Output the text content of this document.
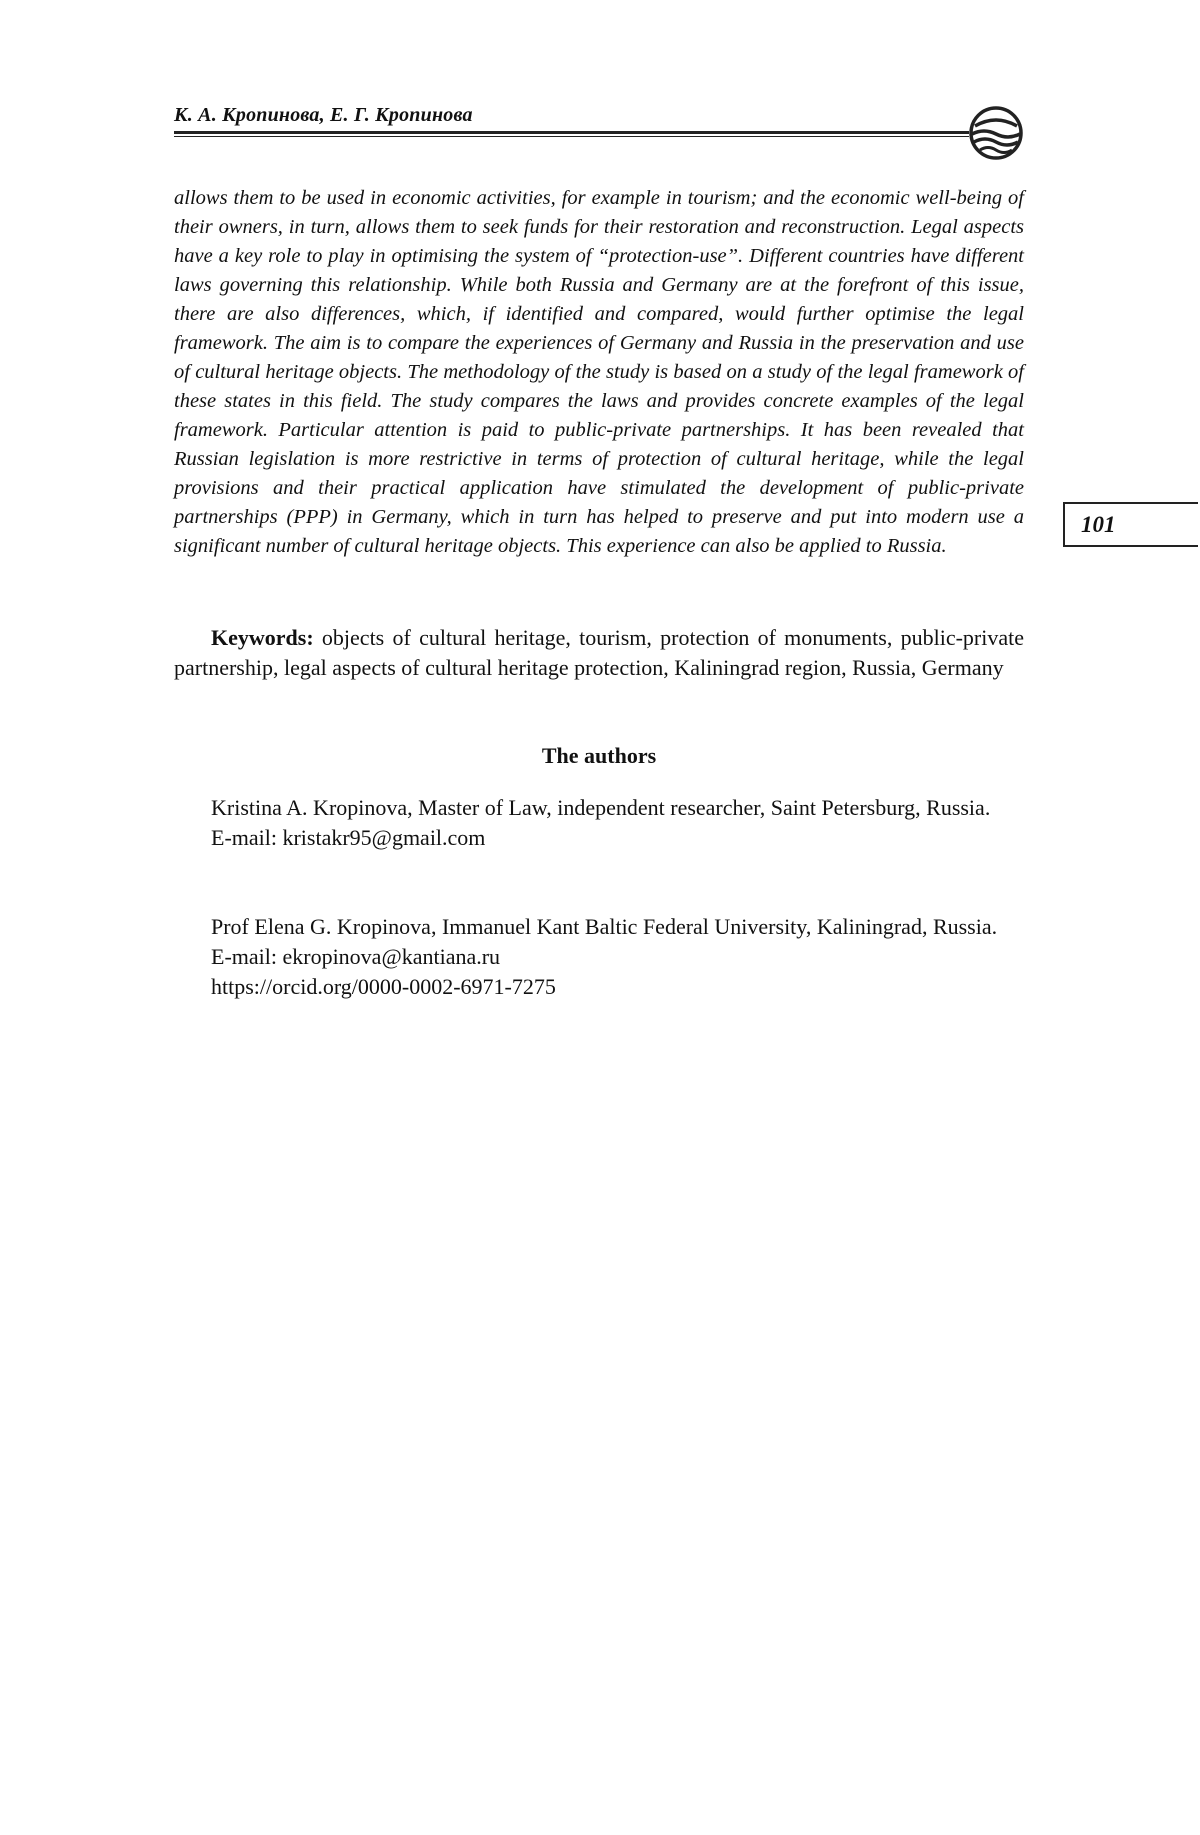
К. А. Кропинова, Е. Г. Кропинова

allows them to be used in economic activities, for example in tourism; and the economic well-being of their owners, in turn, allows them to seek funds for their restoration and reconstruction. Legal aspects have a key role to play in optimising the system of “protection-use”. Different countries have different laws governing this relationship. While both Russia and Germany are at the forefront of this issue, there are also differences, which, if identified and compared, would further optimise the legal framework. The aim is to compare the experiences of Germany and Russia in the preservation and use of cultural heritage objects. The methodology of the study is based on a study of the legal framework of these states in this field. The study compares the laws and provides concrete examples of the legal framework. Particular attention is paid to public-private partnerships. It has been revealed that Russian legislation is more restrictive in terms of protection of cultural heritage, while the legal provisions and their practical application have stimulated the development of public-private partnerships (PPP) in Germany, which in turn has helped to preserve and put into modern use a significant number of cultural heritage objects. This experience can also be applied to Russia.

101

Keywords: objects of cultural heritage, tourism, protection of monuments, public-private partnership, legal aspects of cultural heritage protection, Kaliningrad region, Russia, Germany

The authors

Kristina A. Kropinova, Master of Law, independent researcher, Saint Petersburg, Russia.

E-mail: kristakr95@gmail.com

Prof Elena G. Kropinova, Immanuel Kant Baltic Federal University, Kaliningrad, Russia.

E-mail: ekropinova@kantiana.ru

https://orcid.org/0000-0002-6971-7275
